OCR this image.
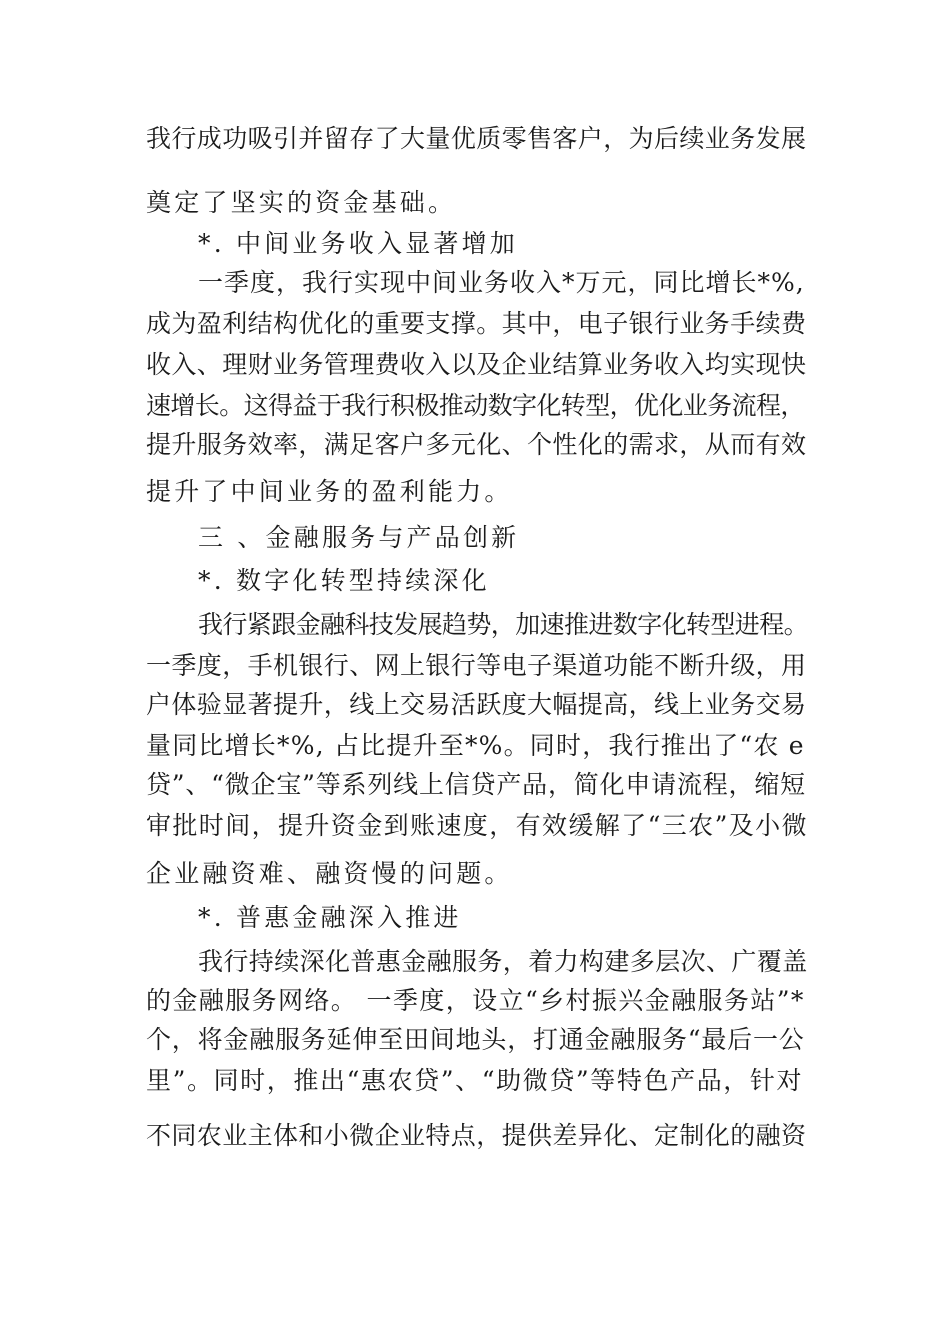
我行成功吸引并留存了大量优质零售客户，为后续业务发展
奠定了坚实的资金基础。
*. 中间业务收入显著增加
一季度，我行实现中间业务收入*万元，同比增长*%,
成为盈利结构优化的重要支撑。其中，电子银行业务手续费
收入、理财业务管理费收入以及企业结算业务收入均实现快
速增长。这得益于我行积极推动数字化转型，优化业务流程，
提升服务效率，满足客户多元化、个性化的需求，从而有效
提升了中间业务的盈利能力。
三 、金融服务与产品创新
*. 数字化转型持续深化
我行紧跟金融科技发展趋势，加速推进数字化转型进程。
一季度，手机银行、网上银行等电子渠道功能不断升级，用
户体验显著提升，线上交易活跃度大幅提高，线上业务交易
量同比增长*%, 占比提升至*%。同时，我行推出了“农 e
贷”、“微企宝”等系列线上信贷产品，简化申请流程，缩短
审批时间，提升资金到账速度，有效缓解了“三农”及小微
企业融资难、融资慢的问题。
*. 普惠金融深入推进
我行持续深化普惠金融服务，着力构建多层次、广覆盖
的金融服务网络。 一季度，设立“乡村振兴金融服务站”*
个，将金融服务延伸至田间地头，打通金融服务“最后一公
里”。同时，推出“惠农贷”、“助微贷”等特色产品，针对
不同农业主体和小微企业特点，提供差异化、定制化的融资
